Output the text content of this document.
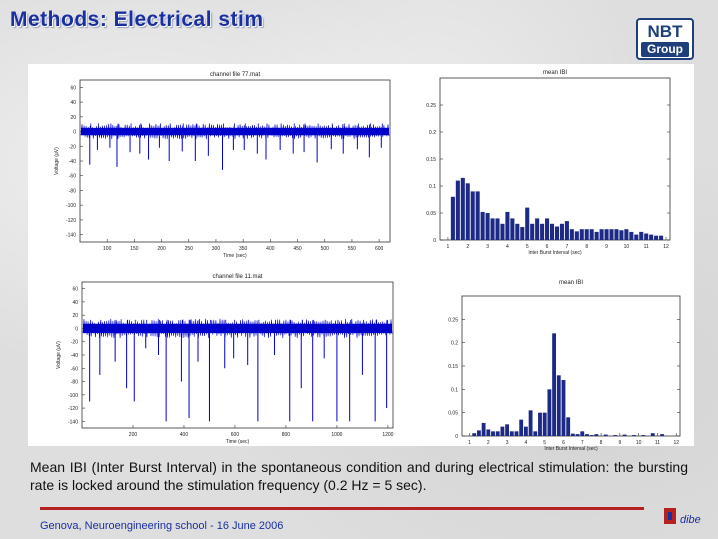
Methods: Electrical stim
NBT
Group
channel file 77.mat
60
40
20
0
-20
-40
-60
-80
-100
-120
-140
100	150	200	250	300	350	400	450	500	550	600
Time (sec)
Voltage (µV)
mean IBI
0
0.05
0.1
0.15
0.2
0.25
1	2	3	4	5	6	7	8	9	10	11	12
Inter Burst Interval (sec)
channel file 11.mat
60
40
20
0
-20
-40
-60
-80
-100
-120
-140
200	400	600	800	1000	1200
Time (sec)
Voltage (µV)
mean IBI
0
0.05
0.1
0.15
0.2
0.25
1	2	3	4	5	6	7	8	9	10	11	12
Inter Burst Interval (sec)

Mean IBI (Inter Burst Interval) in the spontaneous condition and during electrical stimulation: the bursting rate is locked around the stimulation frequency (0.2 Hz = 5 sec).

Genova, Neuroengineering school - 16 June 2006	dibe
